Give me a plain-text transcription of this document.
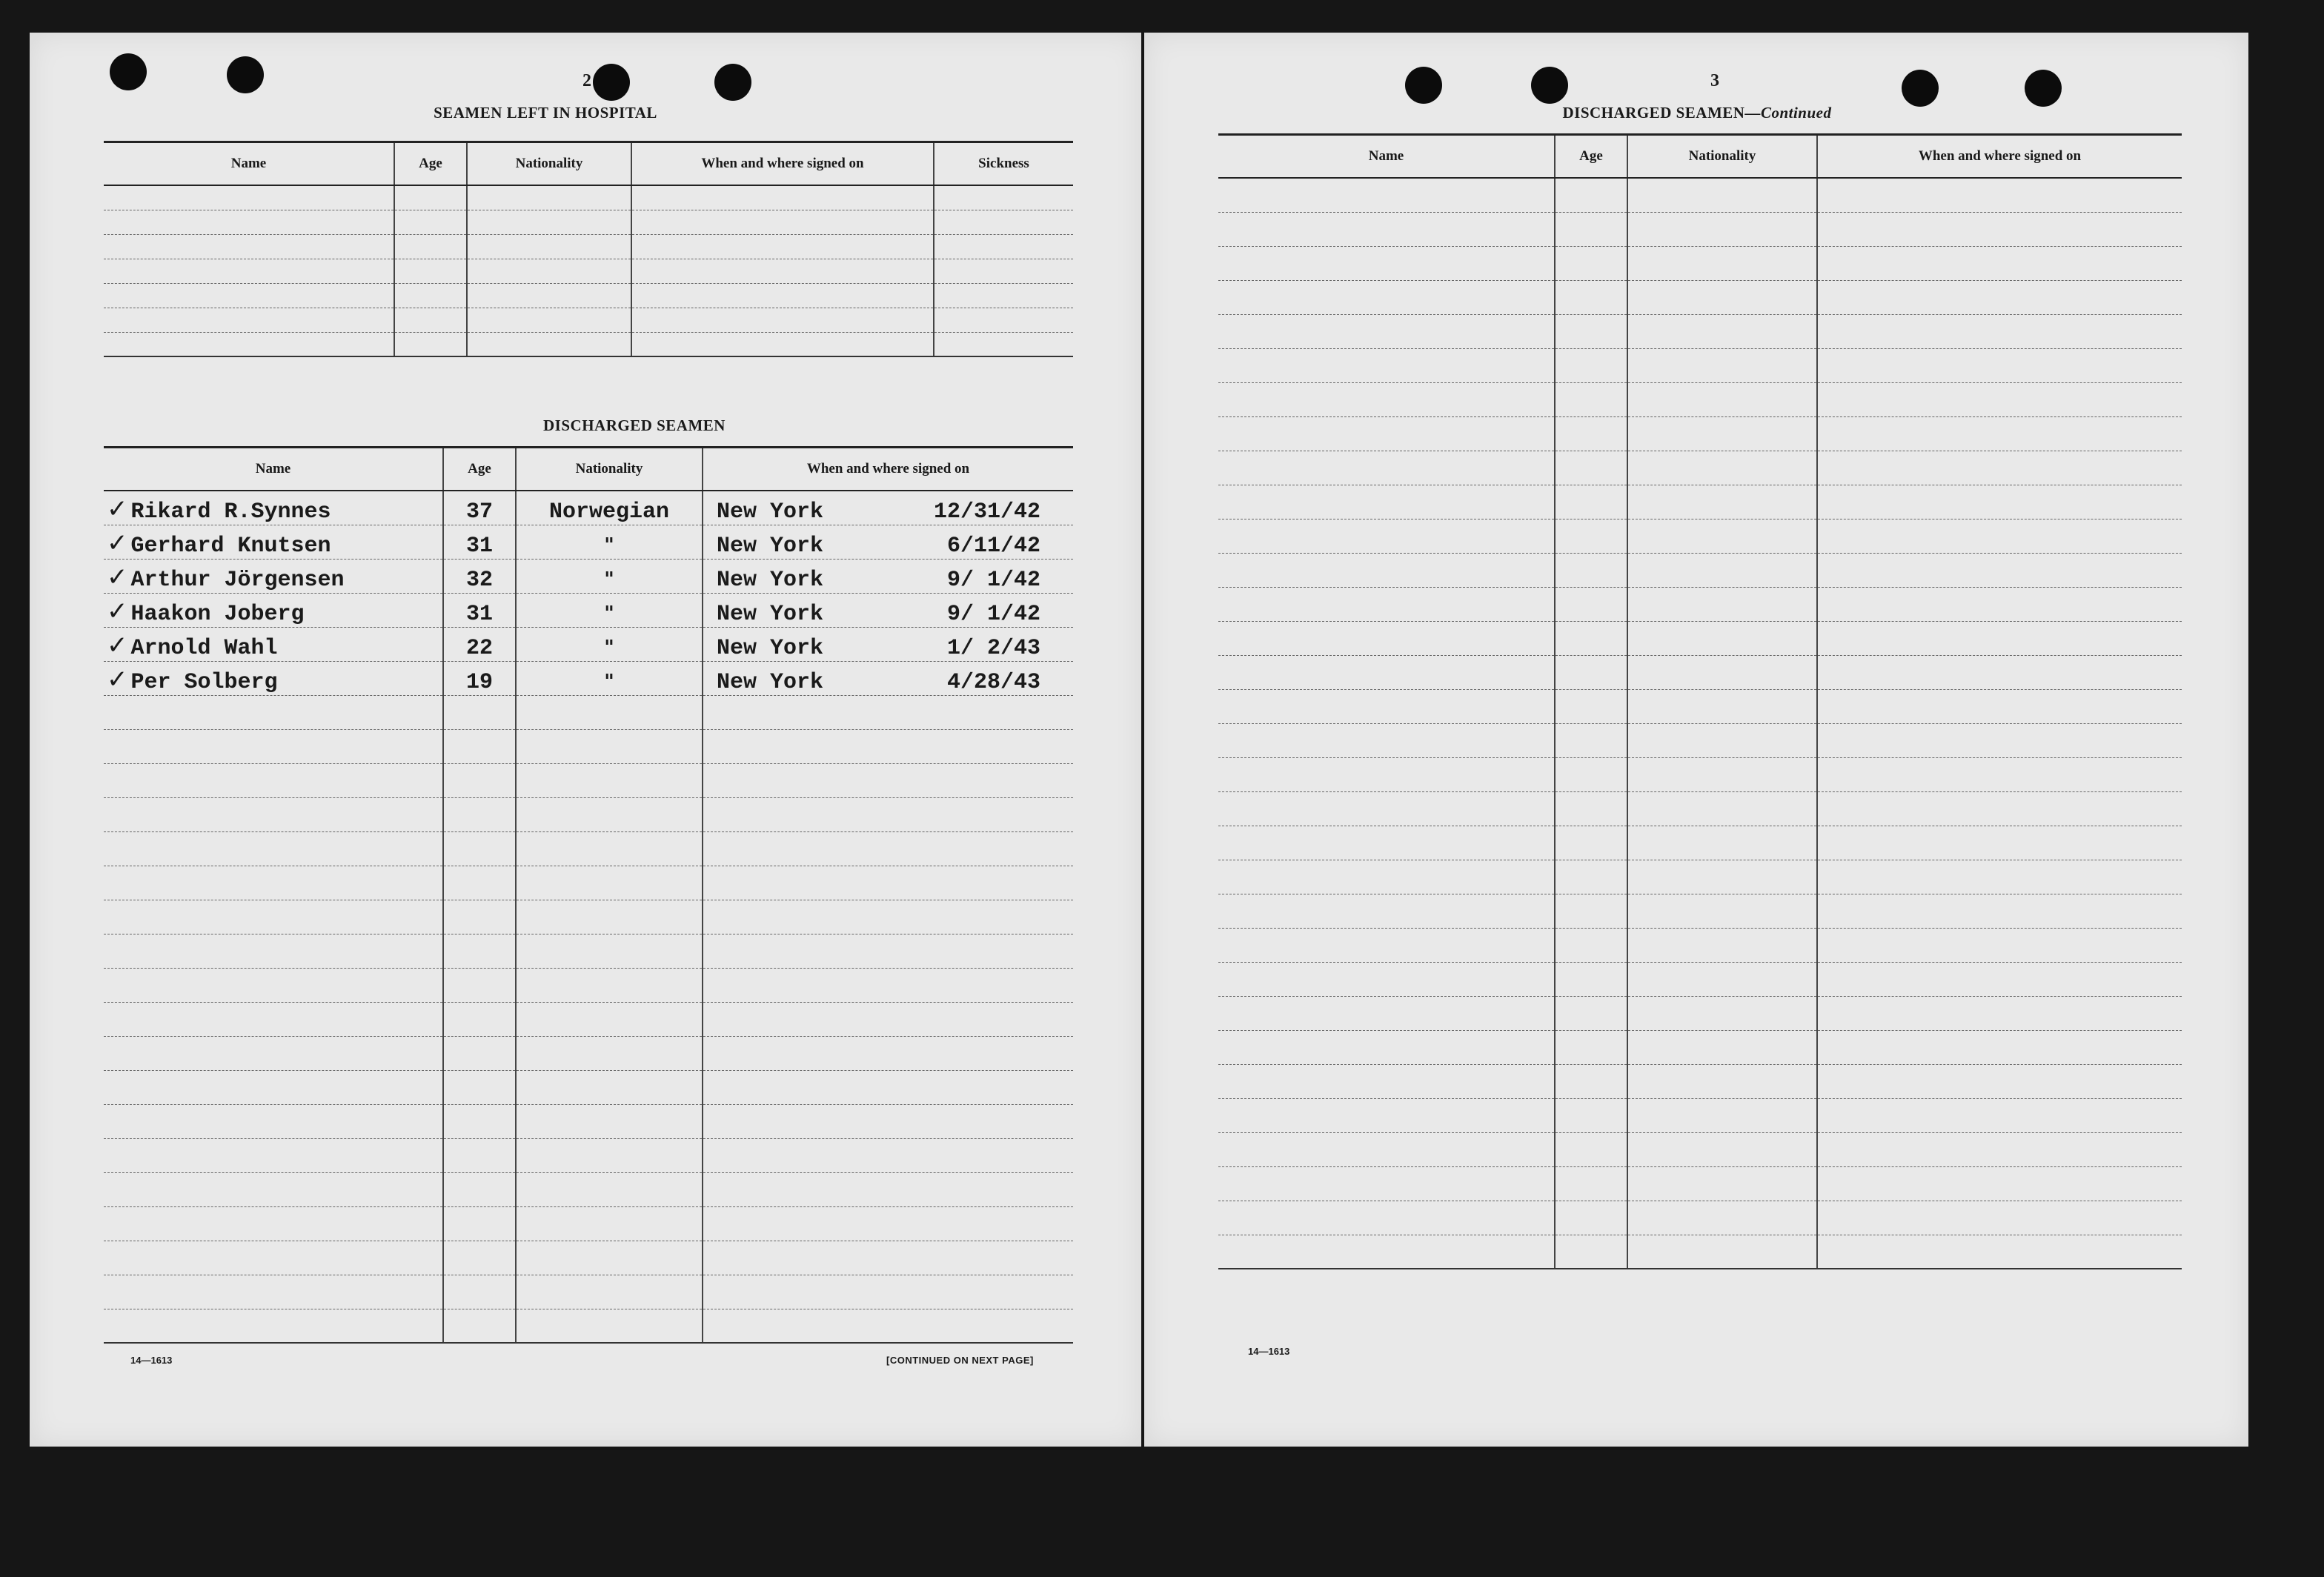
2
SEAMEN LEFT IN HOSPITAL
Name	Age	Nationality	When and where signed on	Sickness

DISCHARGED SEAMEN
Name	Age	Nationality	When and where signed on
✓ Rikard R.Synnes	37	Norwegian	New York 12/31/42

✓ Gerhard Knutsen	31	"	New York 6/11/42

✓ Arthur Jörgensen	32	"	New York 9/ 1/42

✓ Haakon Joberg	31	"	New York 9/ 1/42

✓ Arnold Wahl	22	"	New York 1/ 2/43

✓ Per Solberg	19	"	New York 4/28/43

14—1613	[CONTINUED ON NEXT PAGE]
3
DISCHARGED SEAMEN—Continued
Name	Age	Nationality	When and where signed on

14—1613
